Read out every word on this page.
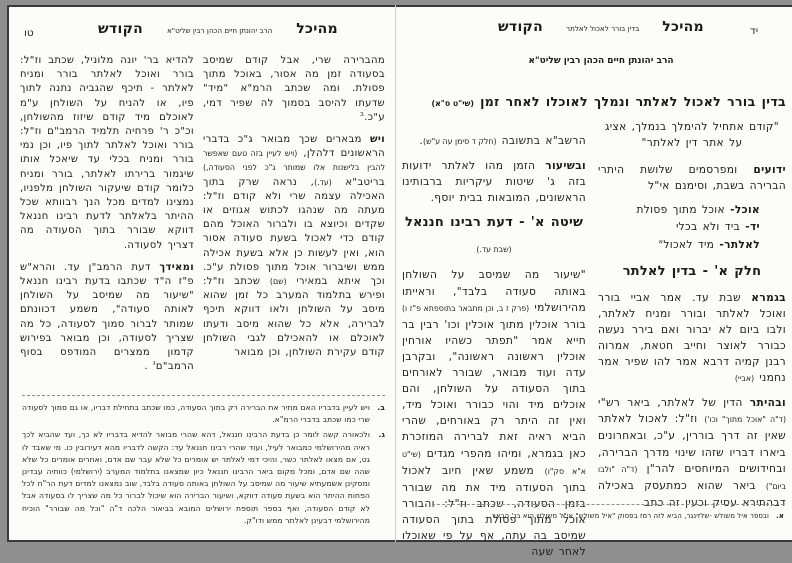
טו	מהיכל
הרב יהונתן חיים הכהן רבין שליט"א
הקודש
מהברירה שרי, אבל קודם שמיסב בסעודה זמן מה אסור, באוכל מתוך פסולת. ומה שכתב הרמ"א "מיד" שדעתו להיסב בסמוך לה שפיר דמי, ע"כ.$^ב$
ויש מבארים שכך מבואר ג"כ בדברי הראשונים דלהלן, (ויש לעיין בזה טעם שאפשר להבין בלישנות אלו שמותר ג"כ לפני הסעודה,) בריטב"א (עד.), נראה שרק בתוך האכילה עצמה שרי ולא קודם וז"ל: מעתה מה שנהגו לכתוש אגוזים או שקדים וכיוצא בו ולברור האוכל מהם קודם כדי לאכול בשעת סעודה אסור הוא, ואין לעשות כן אלא בשעת אכילה ממש ושיברור אוכל מתוך פסולת ע"כ. וכך איתא במאירי (שם) שכתב וז"ל: ופירש בתלמוד המערב כל זמן שהוא מיסב על השולחן ולאו דווקא תיכף לברירה, אלא כל שהוא מיסב ודעתו לאוכלם או להאכילם לגבי השולחן קודם עקירת השולחן, וכן מבואר
להדיא בר' יונה מלוניל, שכתב וז"ל: בורר ואוכל לאלתר בורר ומניח לאלתר - תיכף שהגביה נתנה לתוך פיו, או להניח על השולחן ע"מ לאוכלם מיד קודם שיזוז מהשולחן, וכ"כ ר' פרחיה תלמיד הרמב"ם וז"ל: בורר ואוכל לאלתר לתוך פיו, וכן נמי בורר ומניח בכלי עד שיאכל אותו שיגמור ברירתו לאלתר, בורר ומניח כלומר קודם שיעקור השולחן מלפניו, נמצינו למדים מכל הנך רבוותא שכל ההיתר בלאלתר לדעת רבינו חננאל דווקא שבורר בתוך הסעודה מה דצריך לסעודה.
ומאידך דעת הרמב"ן עד. והרא"ש פ"ז ה"ד שכתבו בדעת רבינו חננאל "שיעור מה שמיסב על השולחן לאותה סעודה", משמע דכוונתם שמותר לברור סמוך לסעודה, כל מה שצריך לסעודה, וכן מבואר בפירוש קדמון ממצרים המודפס בסוף הרמב"ם$^ג$ .
ב.
ויש לעיין בדבריו האם מתיר את הברירה רק בתוך הסעודה, כמו שכתב בתחילת דבריו, או גם סמוך לסעודה שרי כמו שכתב בדברי הרמ"א.
ג.
ולכאורה קשה לומר כן בדעת הרבינו חננאל, דהא שהרי מבואר להדיא בדבריו לא כך, ועד שהביא לכך ראיה מהירושלמי כמבואר לעיל, ועוד שהרי רבינו חננאל עד: הקשה לדבריו מהא דעירובין כו. מי שאבד לו גט, אם מצאו לאלתר כשר, והיכי דמי לאלתר יש אומרים כל שלא עבר שם אדם, ואחרים אומרים כל שלא שהה שם אדם, ומכל מקום ביאר הרבינו חננאל כיון שמצאנו בתלמוד המערב (ירושלמי) כוותיה עבדינן ומסקינן אשמעתיא שיעור מה שמיסב על השולחן באותה סעודה בלבד, שוב נמצאנו למדים דעת הר"ח לכל הפחות ההיתר הוא בשעת סעודה דווקא, ושיעור הברירה הוא שיכול לברור כל מה שצריך לו בסעודה אבל לא קודם הסעודה, ואף בספר תוספת ירושלים המובא בביאור הלכה ד"ה "וכל מה שבורר" הוכיח מהירושלמי דבעינן לאלתר ממש ודו"ק.
יד
מהיכל
בדין בורר לאכול לאלתר
הקודש
הרב יהונתן חיים הכהן רבין שליט"א
בדין בורר לאכול לאלתר ונמלך לאוכלו לאחר זמן (שי"ט ס"א)
"קודם אתחיל להימלך בנמלך, אציג על אתר דין לאלתר"
ידועים ומפרסמים שלושת היתרי הברירה בשבת, וסימנם אי"ל
אוכל- אוכל מתוך פסולת
יד- ביד ולא בכלי
לאלתר- מיד לאכול$^א$
חלק א' - בדין לאלתר
בגמרא שבת עד. אמר אביי בורר ואוכל לאלתר ובורר ומניח לאלתר, ולבו ביום לא יברור ואם בירר נעשה כבורר לאוצר וחייב חטאת, אמרוה רבנן קמיה דרבא אמר להו שפיר אמר נחמני (אביי)
ובהיתר הדין של לאלתר, ביאר רש"י (ד"ה "אוכל מתוך" וכו') וז"ל: לאכול לאלתר שאין זה דרך בוררין, ע"כ, ובאחרונים ביארו דבריו שזהו שינוי מדרך הברירה, ובחידושים המיוחסים להר"ן (ד"ה "ולבו ביום") ביאר שהוא כמתעסק באכילה דבהתירא עסיק וכעין זה כתב
הרשב"א בתשובה (חלק ד סימן עה ע"ש).
ובשיעור הזמן מהו לאלתר ידועות בזה ג' שיטות עיקריות ברבותינו הראשונים, המובאות בבית יוסף.
שיטה א' - דעת רבינו חננאל
(שבת עד.)
"שיעור מה שמיסב על השולחן באותה סעודה בלבד", וראייתו מהירושלמי (פרק ז ב, וכן מתבאר בתוספתא פ"ז ו) בורר אוכלין מתוך אוכלין וכו' רבין בר חייא אמר "תפתר כשהיו אורחין אוכלין ראשונה ראשונה", ובקרבן עדה ועוד מבואר, שבורר לאורחים בתוך הסעודה על השולחן, והם אוכלים מיד והוי כבורר ואוכל מיד, ואין זה היתר רק באורחים, שהרי הביא ראיה זאת לברירה המוזכרת כאן בגמרא, ומיהו מהפרי מגדים (שי"ט א"א סק"ו) משמע שאין חיוב לאכול בתוך הסעודה מיד את מה שבורר בזמן הסעודה, שכתב וז"ל: והבורר אוכל מתוך פסולת בתוך הסעודה שמיסב בה עתה, אף על פי שאוכלו לאחר שעה
א.
ובספר איל משולש -שלזינגר, הביא לזה רמז בפסוק "איל משולש" אי"ל משולש הוא בג' הבאר.
